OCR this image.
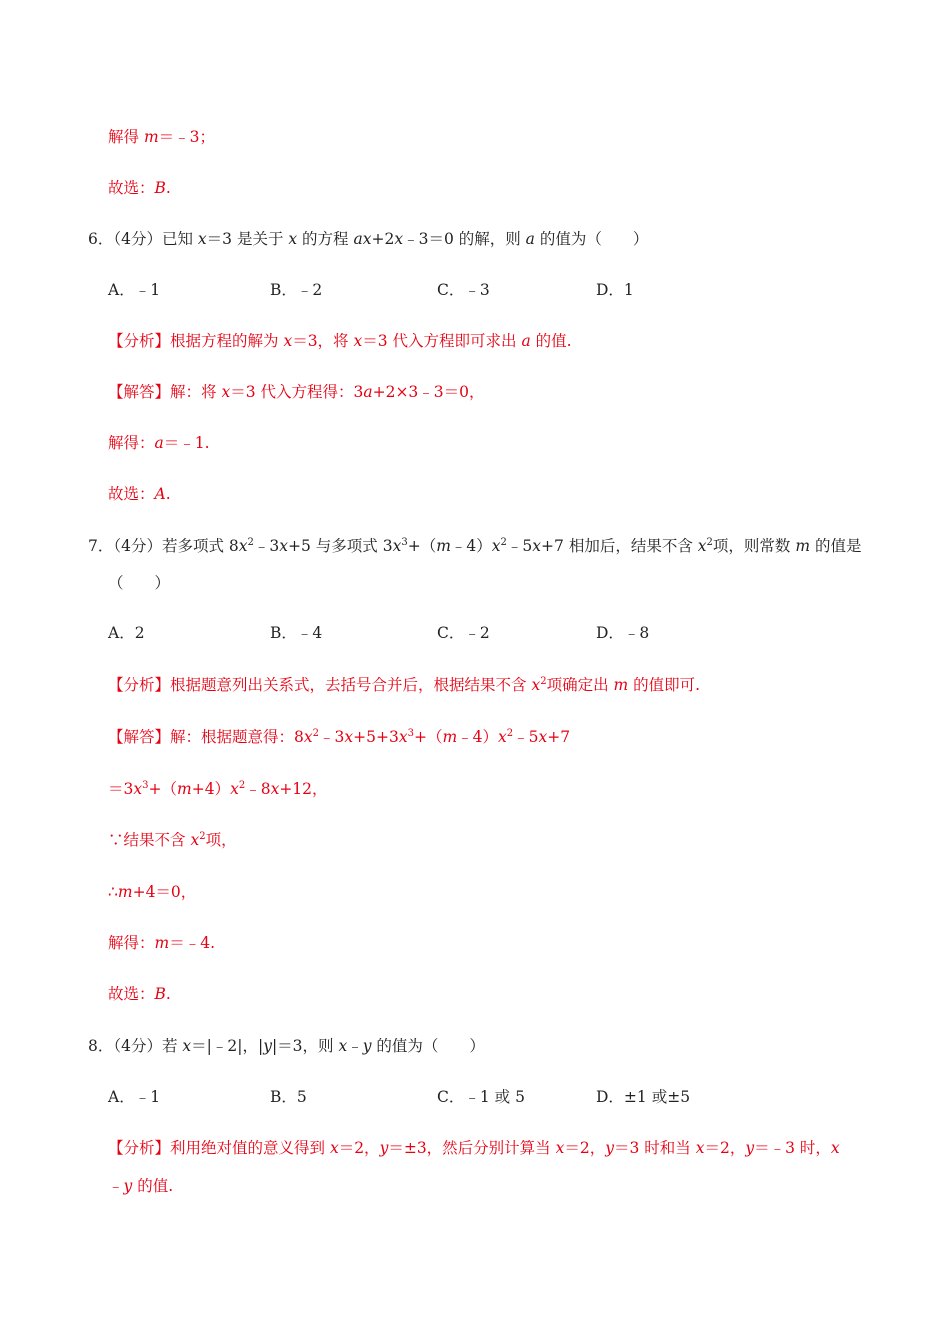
解得 m＝﹣3；
故选：B.
6．（4分）已知 x＝3 是关于 x 的方程 ax+2x﹣3＝0 的解，则 a 的值为（　　）
A．﹣1	B．﹣2	C．﹣3	D．1
【分析】根据方程的解为 x＝3，将 x＝3 代入方程即可求出 a 的值.
【解答】解：将 x＝3 代入方程得：3a+2×3﹣3＝0，
解得：a＝﹣1.
故选：A.
7．（4分）若多项式 $8x^2﹣3x+5$ 与多项式 $3x^3+(m﹣4)x^2﹣5x+7$ 相加后，结果不含 $x^2$项，则常数 m 的值是
（　　）
A．2	B．﹣4	C．﹣2	D．﹣8
【分析】根据题意列出关系式，去括号合并后，根据结果不含 $x^2$项确定出 m 的值即可.
【解答】解：根据题意得：$8x^2﹣3x+5+3x^3+(m﹣4)x^2﹣5x+7$
$=3x^3+(m+4)x^2﹣8x+12$，
∵结果不含 $x^2$项，
∴m+4＝0，
解得：m＝﹣4.
故选：B.
8．（4分）若 x＝|﹣2|，|y|＝3，则 x﹣y 的值为（　　）
A．﹣1	B．5	C．﹣1 或 5	D．±1 或±5
【分析】利用绝对值的意义得到 x＝2，y＝±3，然后分别计算当 x＝2，y＝3 时和当 x＝2，y＝﹣3 时，x
﹣y 的值.
